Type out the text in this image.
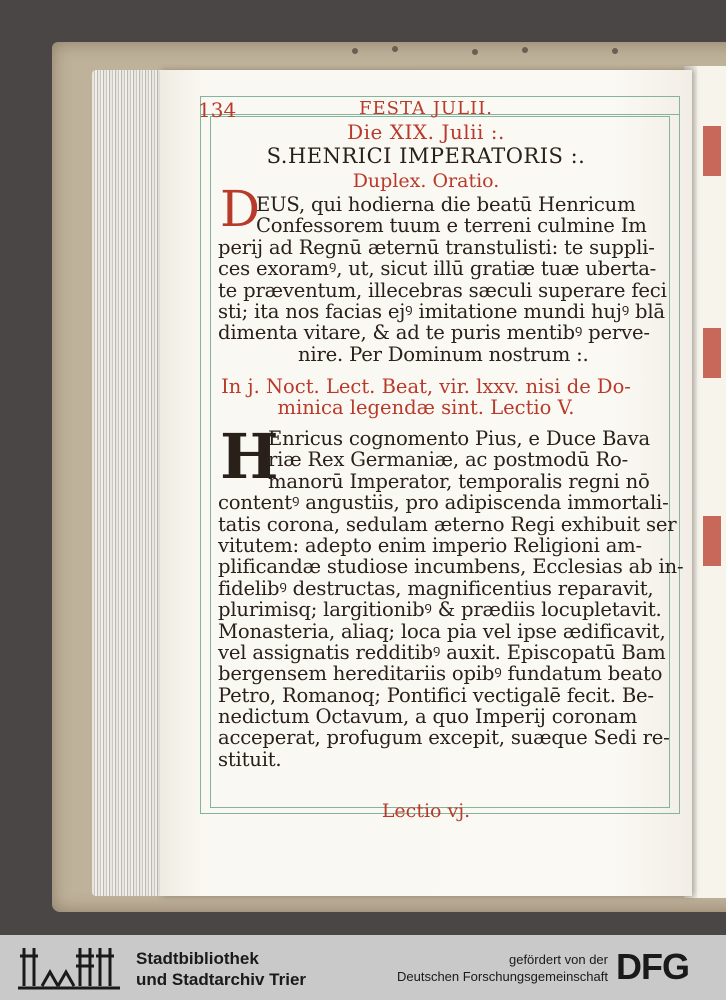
134	FESTA JULII.
Die XIX. Julii :.
S.HENRICI IMPERATORIS :.
Duplex. Oratio.
D
EUS, qui hodierna die beatū Henricum
Confessorem tuum e terreni culmine Im
perij ad Regnū æternū transtulisti: te suppli-
ces exoramꝰ, ut, sicut illū gratiæ tuæ uberta-
te præventum, illecebras sæculi superare feci
sti; ita nos facias ejꝰ imitatione mundi hujꝰ blā
dimenta vitare, & ad te puris mentibꝰ perve-
nire. Per Dominum nostrum :.
In j. Noct. Lect. Beat, vir. lxxv. nisi de Do-
minica legendæ sint. Lectio V.
H
Enricus cognomento Pius, e Duce Bava
riæ Rex Germaniæ, ac postmodū Ro-
manorū Imperator, temporalis regni nō
contentꝰ angustiis, pro adipiscenda immortali-
tatis corona, sedulam æterno Regi exhibuit ser
vitutem: adepto enim imperio Religioni am-
plificandæ studiose incumbens, Ecclesias ab in-
fidelibꝰ destructas, magnificentius reparavit,
plurimisq; largitionibꝰ & prædiis locupletavit.
Monasteria, aliaq; loca pia vel ipse ædificavit,
vel assignatis redditibꝰ auxit. Episcopatū Bam
bergensem hereditariis opibꝰ fundatum beato
Petro, Romanoq; Pontifici vectigalē fecit. Be-
nedictum Octavum, a quo Imperij coronam
acceperat, profugum excepit, suæque Sedi re-
stituit.
Lectio vj.
Stadtbibliothek
und Stadtarchiv Trier
gefördert von der
Deutschen Forschungsgemeinschaft DFG
